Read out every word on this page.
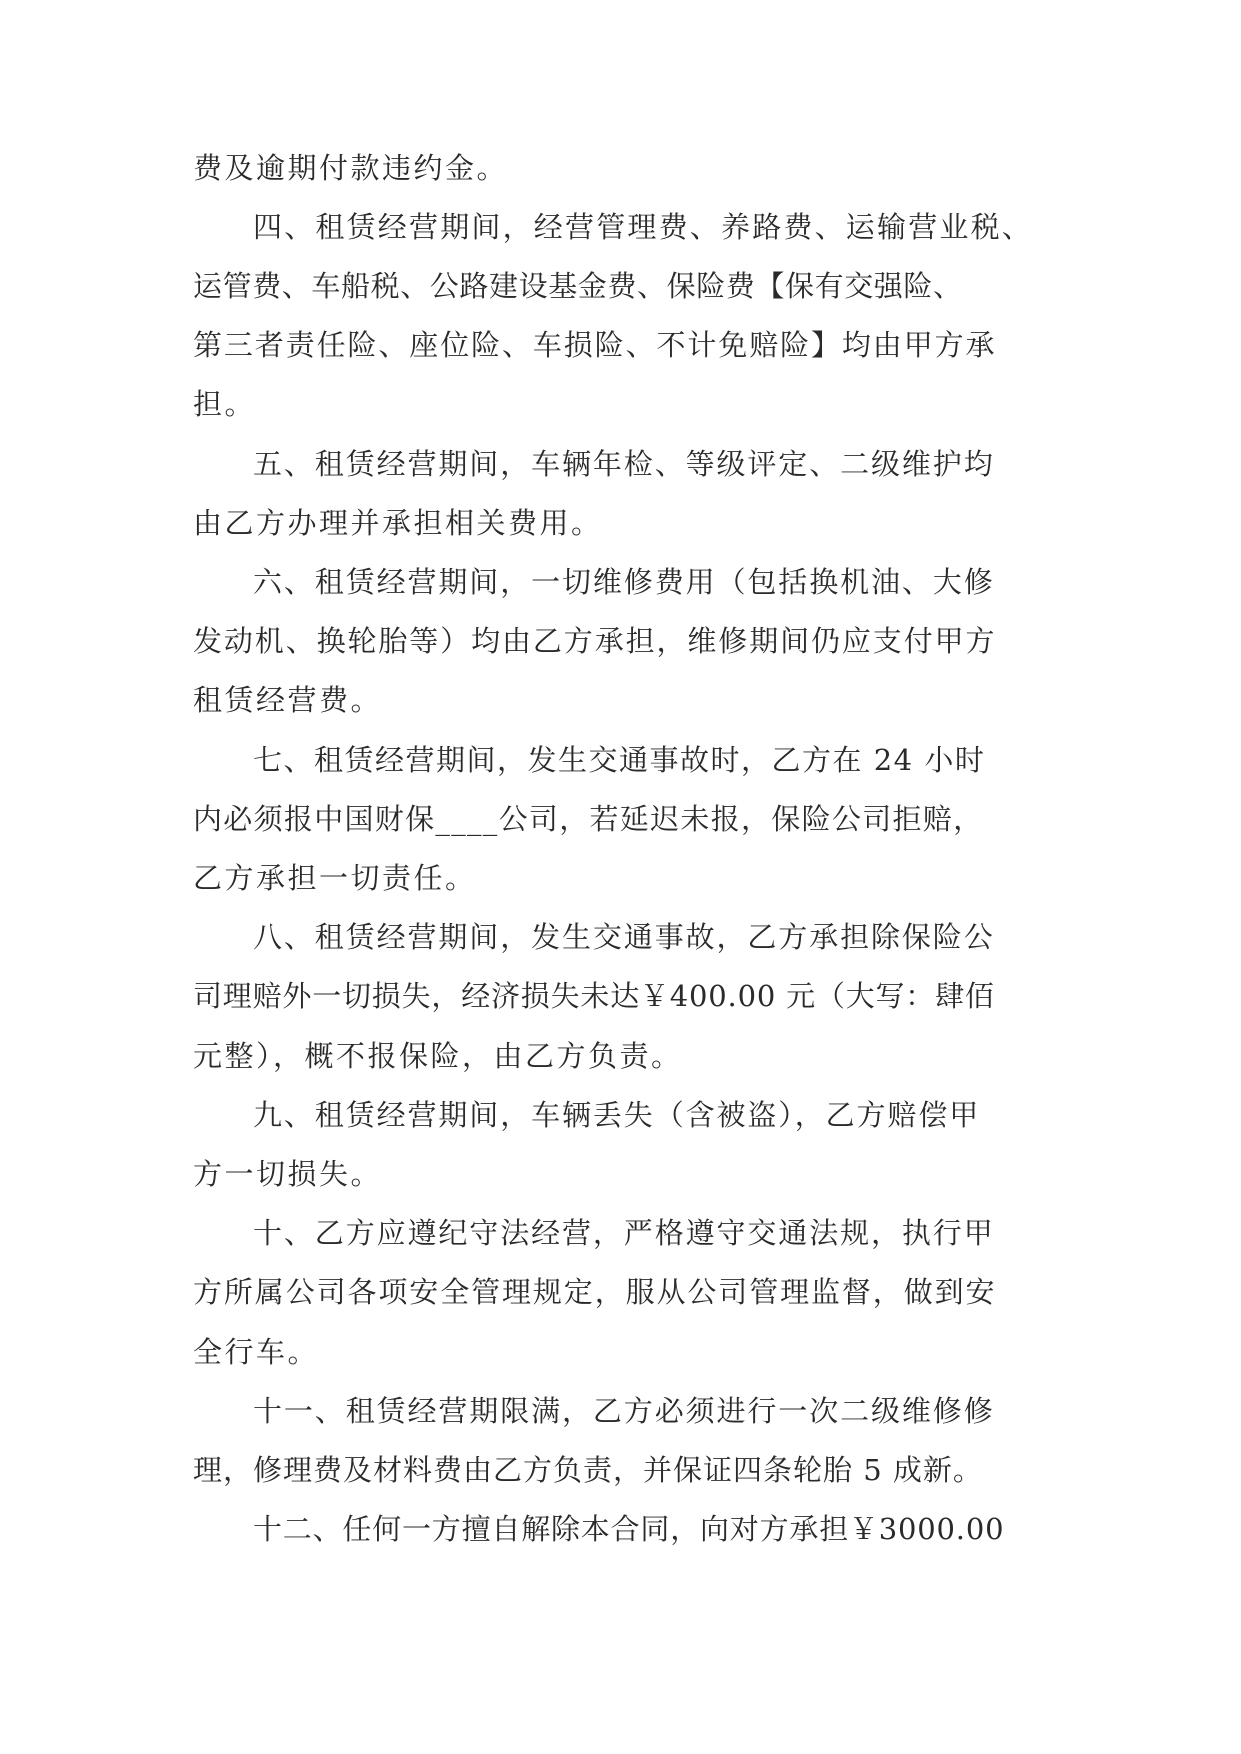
费及逾期付款违约金。
四、租赁经营期间，经营管理费、养路费、运输营业税、
运管费、车船税、公路建设基金费、保险费【保有交强险、
第三者责任险、座位险、车损险、不计免赔险】均由甲方承
担。
五、租赁经营期间，车辆年检、等级评定、二级维护均
由乙方办理并承担相关费用。
六、租赁经营期间，一切维修费用（包括换机油、大修
发动机、换轮胎等）均由乙方承担，维修期间仍应支付甲方
租赁经营费。
七、租赁经营期间，发生交通事故时，乙方在 24 小时
内必须报中国财保____公司，若延迟未报，保险公司拒赔，
乙方承担一切责任。
八、租赁经营期间，发生交通事故，乙方承担除保险公
司理赔外一切损失，经济损失未达￥400.00 元（大写：肆佰
元整），概不报保险，由乙方负责。
九、租赁经营期间，车辆丢失（含被盗），乙方赔偿甲
方一切损失。
十、乙方应遵纪守法经营，严格遵守交通法规，执行甲
方所属公司各项安全管理规定，服从公司管理监督，做到安
全行车。
十一、租赁经营期限满，乙方必须进行一次二级维修修
理，修理费及材料费由乙方负责，并保证四条轮胎 5 成新。
十二、任何一方擅自解除本合同，向对方承担￥3000.00
